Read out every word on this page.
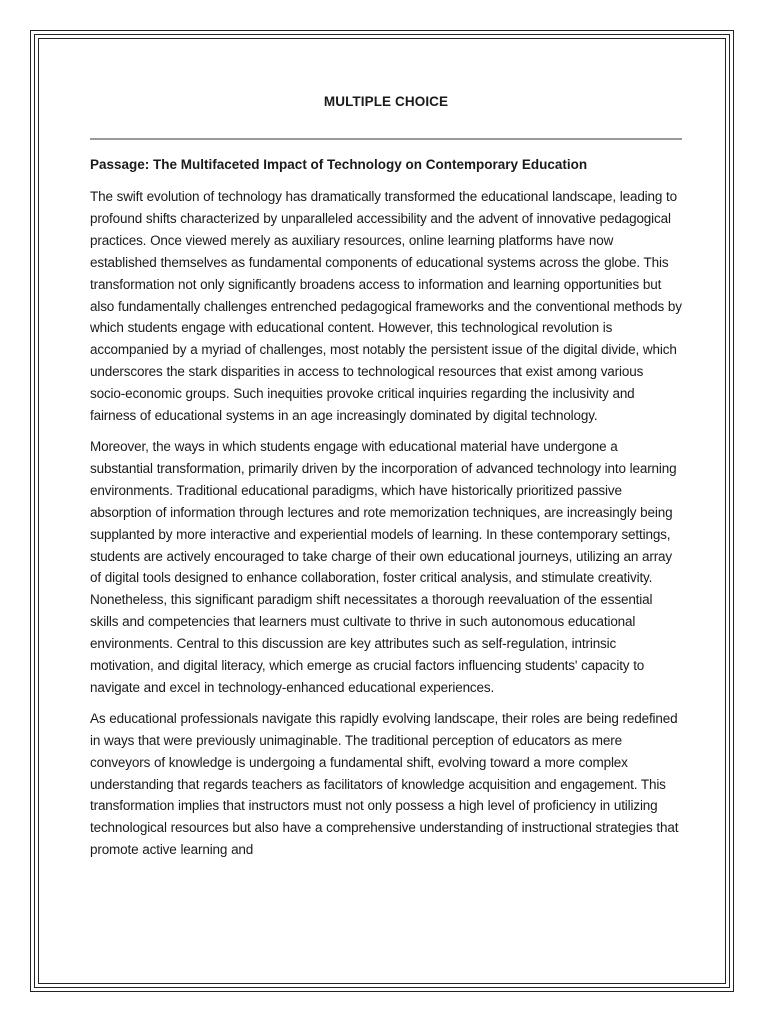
MULTIPLE CHOICE
Passage: The Multifaceted Impact of Technology on Contemporary Education

The swift evolution of technology has dramatically transformed the educational landscape, leading to profound shifts characterized by unparalleled accessibility and the advent of innovative pedagogical practices. Once viewed merely as auxiliary resources, online learning platforms have now established themselves as fundamental components of educational systems across the globe. This transformation not only significantly broadens access to information and learning opportunities but also fundamentally challenges entrenched pedagogical frameworks and the conventional methods by which students engage with educational content. However, this technological revolution is accompanied by a myriad of challenges, most notably the persistent issue of the digital divide, which underscores the stark disparities in access to technological resources that exist among various socio-economic groups. Such inequities provoke critical inquiries regarding the inclusivity and fairness of educational systems in an age increasingly dominated by digital technology.

Moreover, the ways in which students engage with educational material have undergone a substantial transformation, primarily driven by the incorporation of advanced technology into learning environments. Traditional educational paradigms, which have historically prioritized passive absorption of information through lectures and rote memorization techniques, are increasingly being supplanted by more interactive and experiential models of learning. In these contemporary settings, students are actively encouraged to take charge of their own educational journeys, utilizing an array of digital tools designed to enhance collaboration, foster critical analysis, and stimulate creativity. Nonetheless, this significant paradigm shift necessitates a thorough reevaluation of the essential skills and competencies that learners must cultivate to thrive in such autonomous educational environments. Central to this discussion are key attributes such as self-regulation, intrinsic motivation, and digital literacy, which emerge as crucial factors influencing students' capacity to navigate and excel in technology-enhanced educational experiences.

As educational professionals navigate this rapidly evolving landscape, their roles are being redefined in ways that were previously unimaginable. The traditional perception of educators as mere conveyors of knowledge is undergoing a fundamental shift, evolving toward a more complex understanding that regards teachers as facilitators of knowledge acquisition and engagement. This transformation implies that instructors must not only possess a high level of proficiency in utilizing technological resources but also have a comprehensive understanding of instructional strategies that promote active learning and
